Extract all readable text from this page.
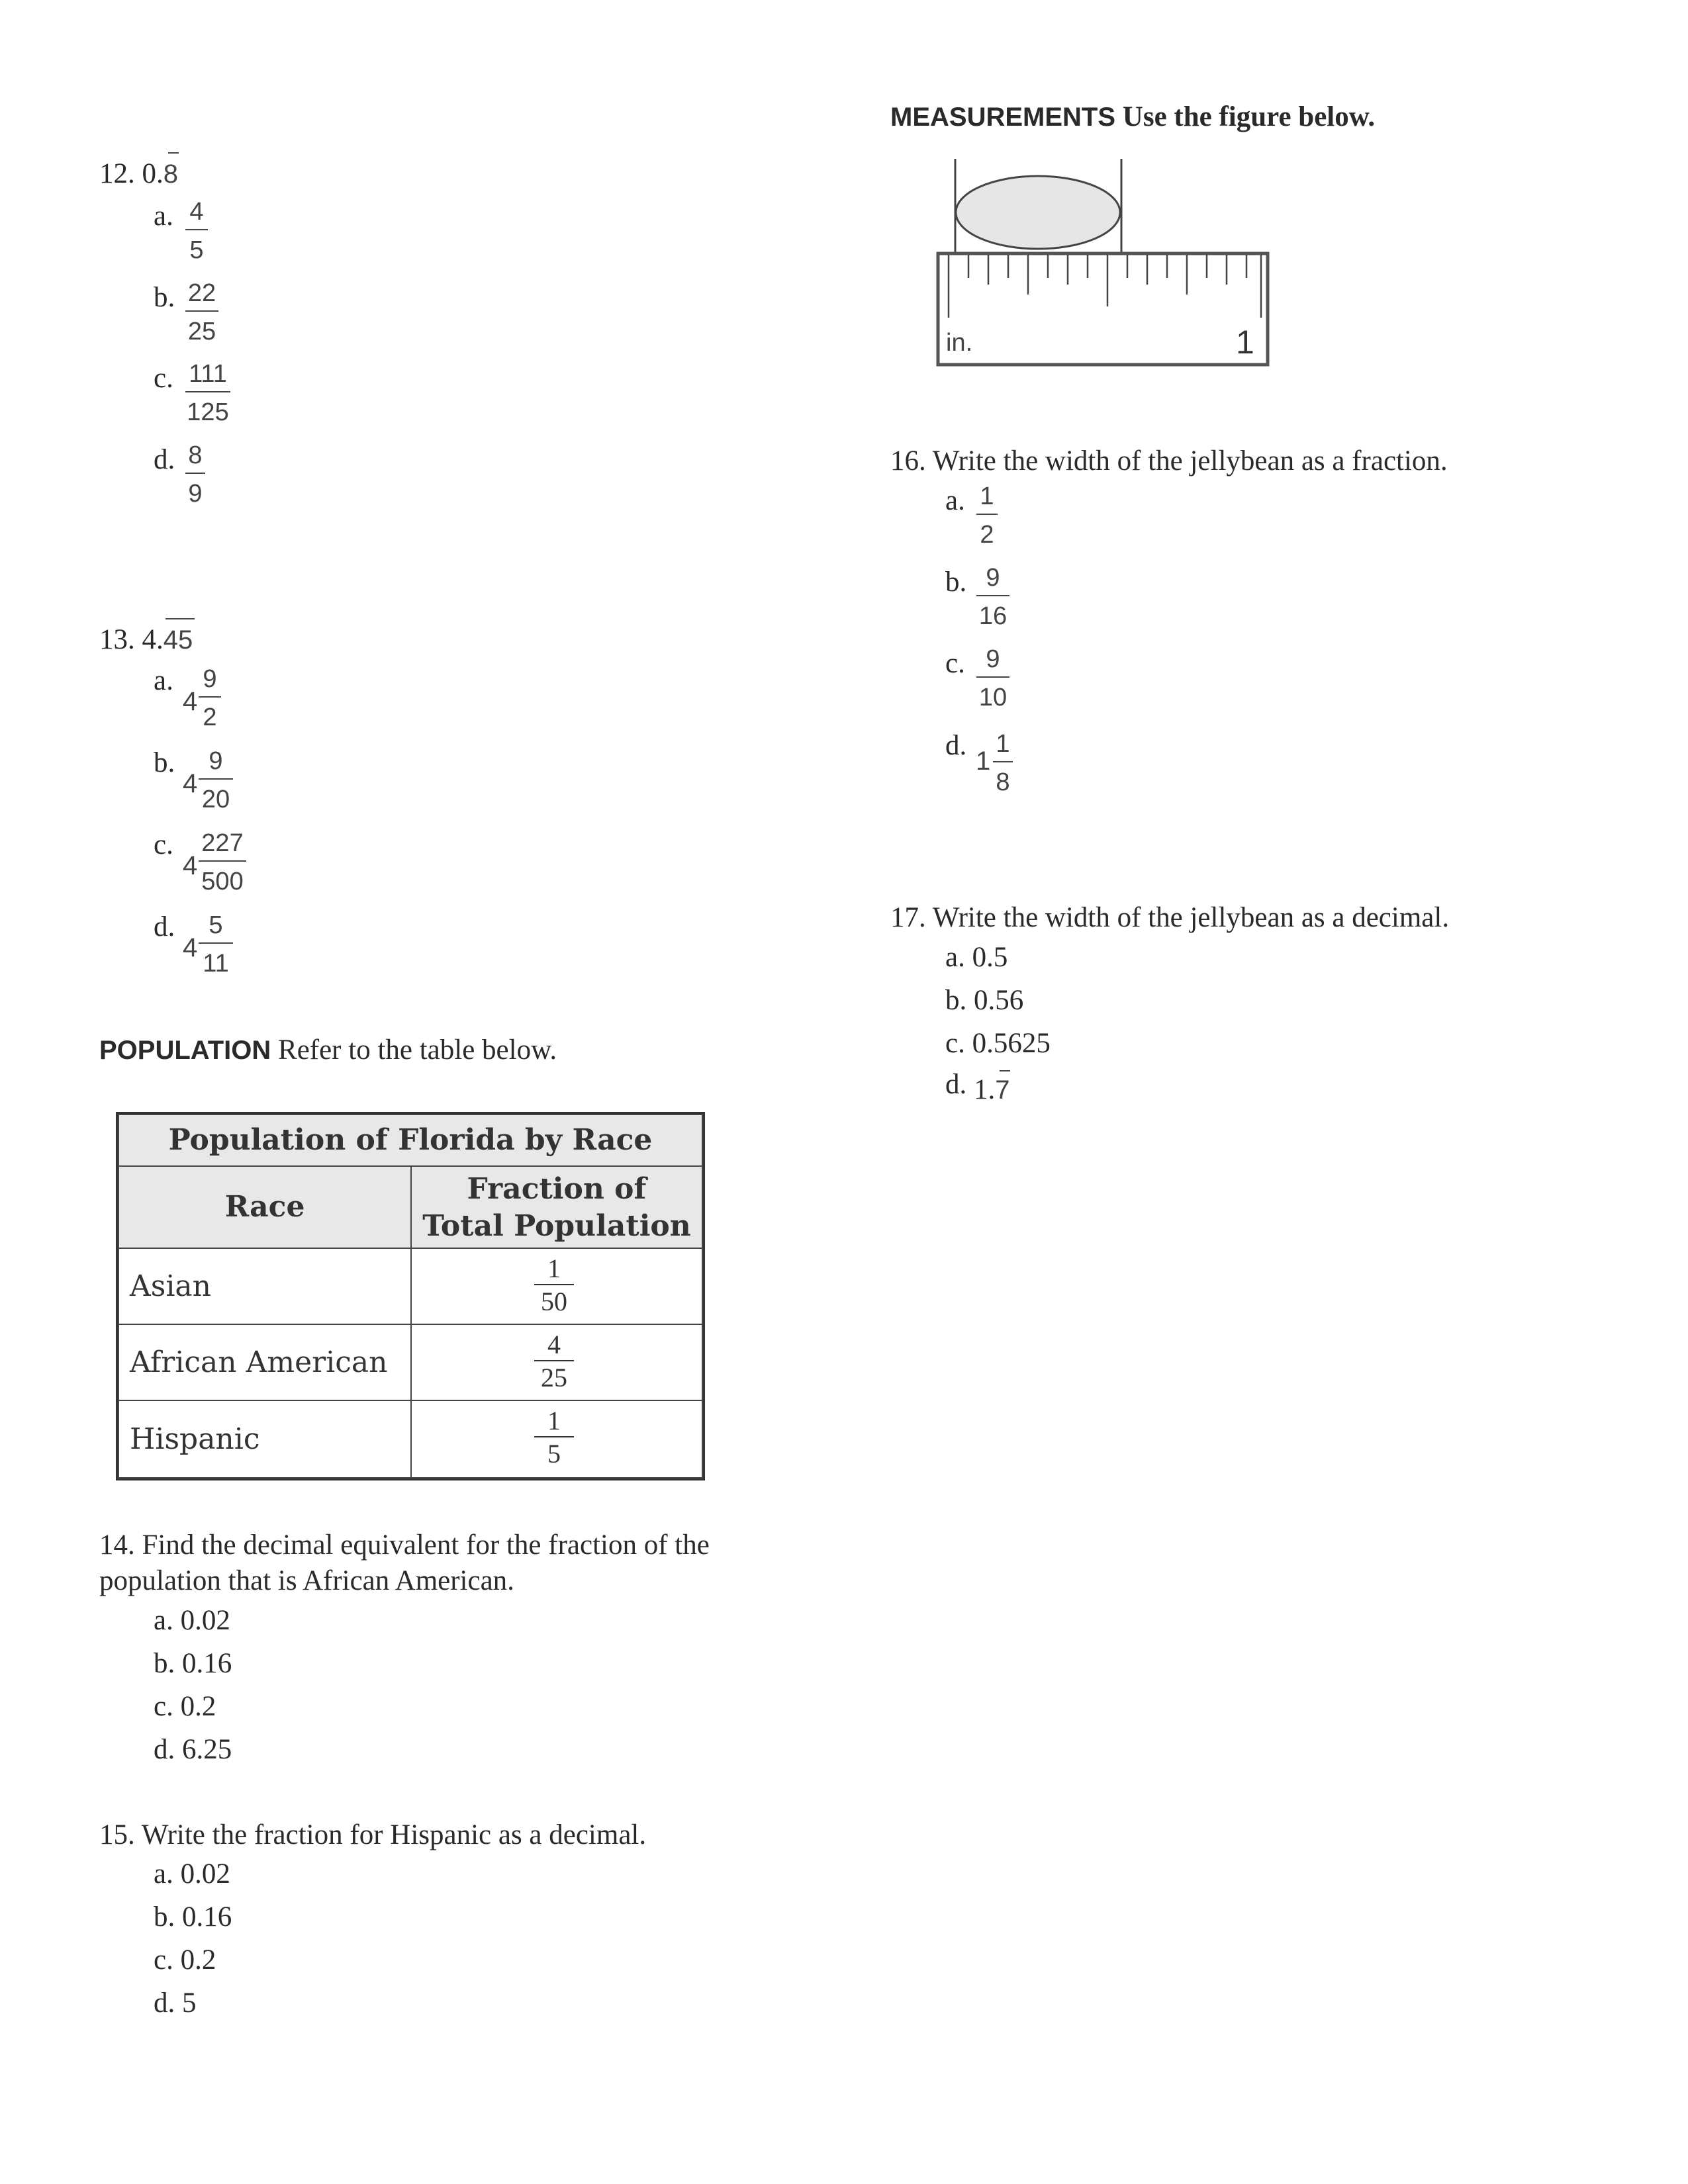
12. 0.8
a. 4
5
b. 22
25
c. 111
125
d. 8
9
13. 4.45
a.
4
9
2
b.
4
9
20
c.
4
227
500
d.
4
5
11
POPULATION Refer to the table below.
Population of Florida by Race
Race
Fraction of
Total Population
Asian
1
50
African American
4
25
Hispanic
1
5
14. Find the decimal equivalent for the fraction of the
population that is African American.
a. 0.02
b. 0.16
c. 0.2
d. 6.25
15. Write the fraction for Hispanic as a decimal.
a. 0.02
b. 0.16
c. 0.2
d. 5
MEASUREMENTS Use the figure below.
in.	1
16. Write the width of the jellybean as a fraction.
a. 1
2
b. 9
16
c. 9
10
d. 1
1
8
17. Write the width of the jellybean as a decimal.
a. 0.5
b. 0.56
c. 0.5625
d. 1.7
